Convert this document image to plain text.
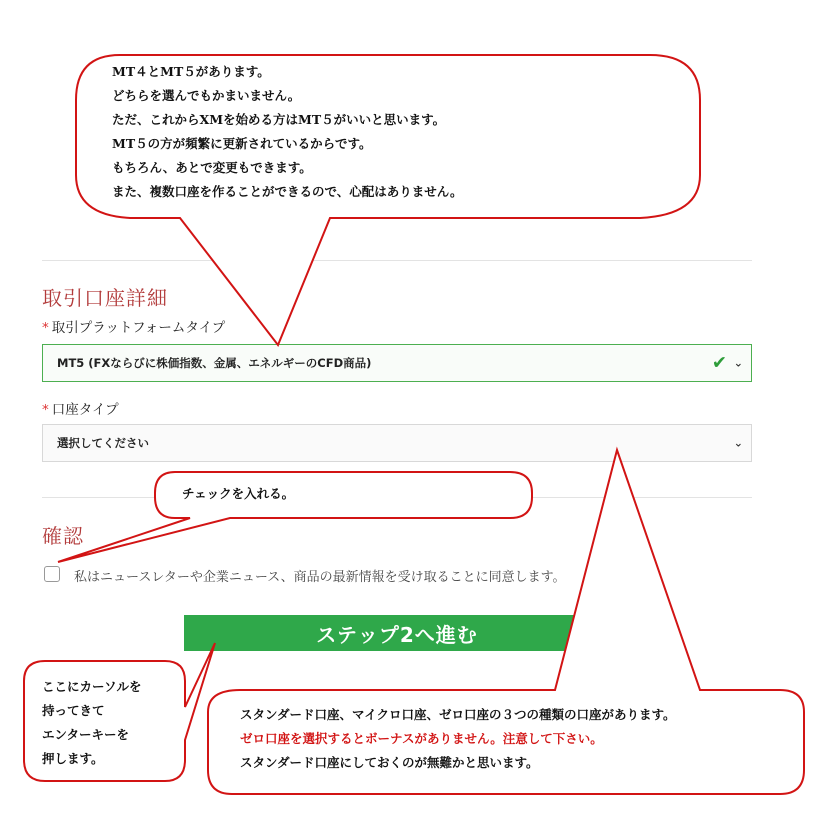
取引口座詳細
* 取引プラットフォームタイプ
MT5 (FXならびに株価指数、金属、エネルギーのCFD商品)	✔ ⌄
* 口座タイプ
選択してください	⌄
確認
私はニュースレターや企業ニュース、商品の最新情報を受け取ることに同意します。
ステップ2へ進む
MT４とMT５があります。
どちらを選んでもかまいません。
ただ、これからXMを始める方はMT５がいいと思います。
MT５の方が頻繁に更新されているからです。
もちろん、あとで変更もできます。
また、複数口座を作ることができるので、心配はありません。
チェックを入れる。
ここにカーソルを
持ってきて
エンターキーを
押します。
スタンダード口座、マイクロ口座、ゼロ口座の３つの種類の口座があります。
ゼロ口座を選択するとボーナスがありません。注意して下さい。
スタンダード口座にしておくのが無難かと思います。
